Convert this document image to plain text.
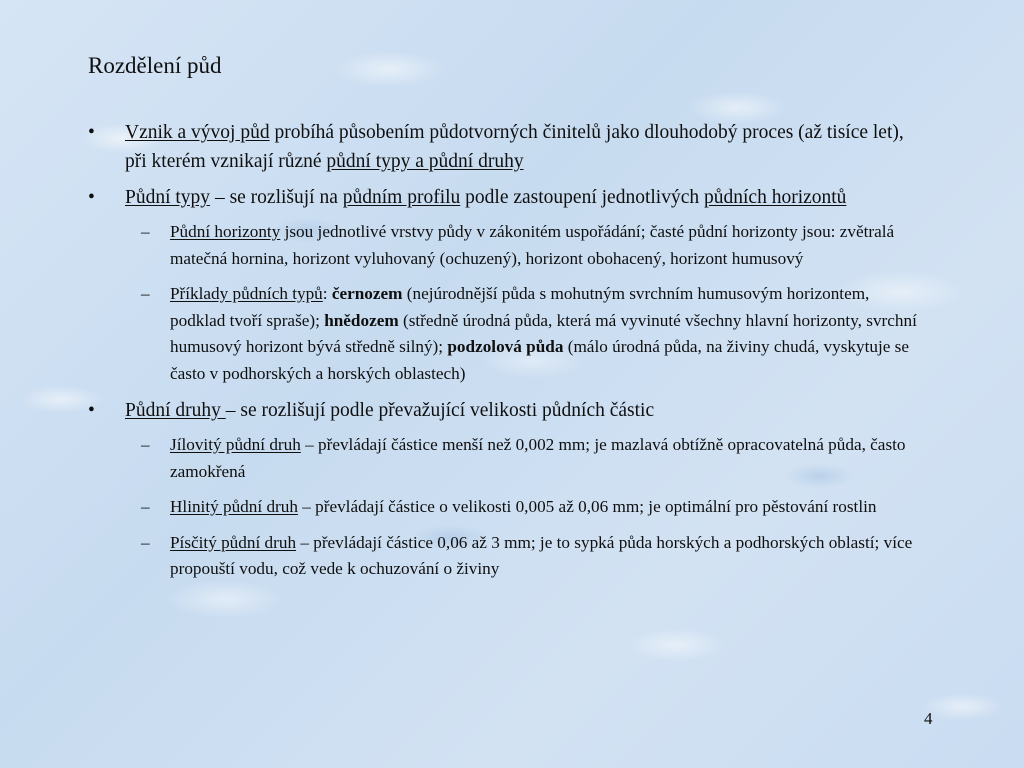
Rozdělení půd
•	Vznik a vývoj půd probíhá působením půdotvorných činitelů jako dlouhodobý proces (až tisíce let), při kterém vznikají různé půdní typy a půdní druhy
•	Půdní typy – se rozlišují na půdním profilu podle zastoupení jednotlivých půdních horizontů
– Půdní horizonty jsou jednotlivé vrstvy půdy v zákonitém uspořádání; časté půdní horizonty jsou: zvětralá matečná hornina, horizont vyluhovaný (ochuzený), horizont obohacený, horizont humusový
– Příklady půdních typů: černozem (nejúrodnější půda s mohutným svrchním humusovým horizontem, podklad tvoří spraše); hnědozem (středně úrodná půda, která má vyvinuté všechny hlavní horizonty, svrchní humusový horizont bývá středně silný); podzolová půda (málo úrodná půda, na živiny chudá, vyskytuje se často v podhorských a horských oblastech)
•	Půdní druhy – se rozlišují podle převažující velikosti půdních částic
– Jílovitý půdní druh – převládají částice menší než 0,002 mm; je mazlavá obtížně opracovatelná půda, často zamokřená
– Hlinitý půdní druh – převládají částice o velikosti 0,005 až 0,06 mm; je optimální pro pěstování rostlin
– Písčitý půdní druh – převládají částice 0,06 až 3 mm; je to sypká půda horských a podhorských oblastí; více propouští vodu, což vede k ochuzování o živiny
4
